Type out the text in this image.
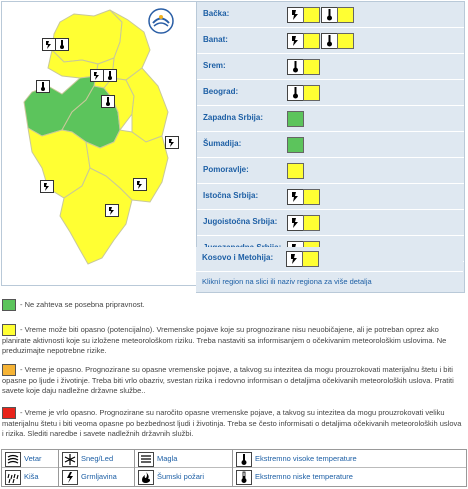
Bačka:
Banat:
Srem:
Beograd:
Zapadna Srbija:
Šumadija:
Pomoravlje:
Istočna Srbija:
Jugoistočna Srbija:
Kosovo i Metohija:
Klikní region na slici ili naziv regiona za više detalja
- Ne zahteva se posebna pripravnost.
- Vreme može biti opasno (potencijalno). Vremenske pojave koje su prognozirane nisu neuobičajene, ali je potreban oprez ako planirate aktivnosti koje su izložene meteorološkom riziku. Treba nastaviti sa informisanjem o očekivanim meteorološkim uslovima. Ne preduzimajte nepotrebne rizike.
- Vreme je opasno. Prognozirane su opasne vremenske pojave, a takvog su intezitea da mogu prouzrokovati materijalnu štetu i biti opasne po ljude i životinje. Treba biti vrlo obazriv, svestan rizika i redovno informisan o detaljima očekivanih meteoroloških uslova. Pratiti savete koje daju nadležne državne službe..
- Vreme je vrlo opasno. Prognozirane su naročito opasne vremenske pojave, a takvog su intezitea da mogu prouzrokovati veliku materijalnu štetu i biti veoma opasne po bezbednost ljudi i životinja. Treba se često informisati o detaljima očekivanih meteoroloških uslova i rizika. Slediti naredbe i savete nadležnih državnih službi.
Vetar	Sneg/Led	Magla	Ekstremno visoke temperature
Kiša	Grmljavina	Šumski požari	Ekstremno niske temperature
